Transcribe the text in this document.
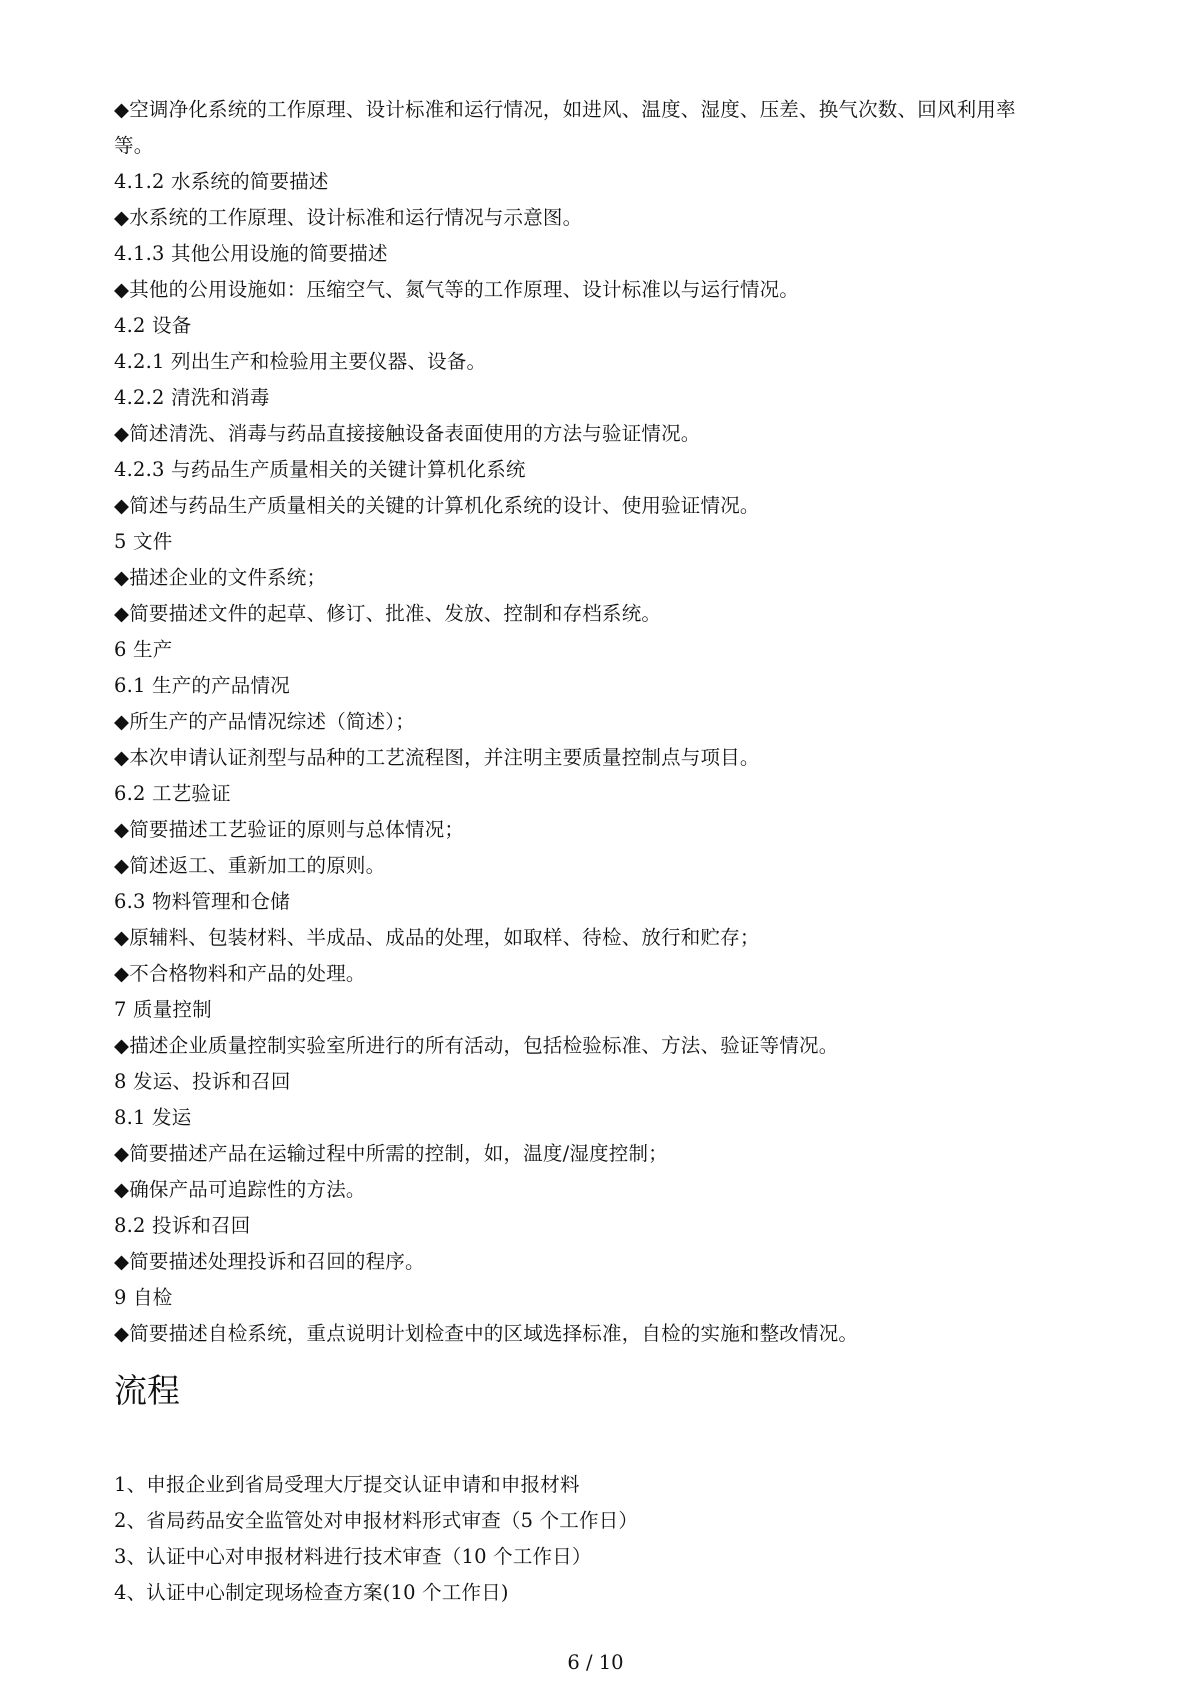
◆空调净化系统的工作原理、设计标准和运行情况，如进风、温度、湿度、压差、换气次数、回风利用率
等。
4.1.2 水系统的简要描述
◆水系统的工作原理、设计标准和运行情况与示意图。
4.1.3 其他公用设施的简要描述
◆其他的公用设施如：压缩空气、氮气等的工作原理、设计标准以与运行情况。
4.2 设备
4.2.1 列出生产和检验用主要仪器、设备。
4.2.2 清洗和消毒
◆简述清洗、消毒与药品直接接触设备表面使用的方法与验证情况。
4.2.3 与药品生产质量相关的关键计算机化系统
◆简述与药品生产质量相关的关键的计算机化系统的设计、使用验证情况。
5 文件
◆描述企业的文件系统；
◆简要描述文件的起草、修订、批准、发放、控制和存档系统。
6 生产
6.1 生产的产品情况
◆所生产的产品情况综述（简述）；
◆本次申请认证剂型与品种的工艺流程图，并注明主要质量控制点与项目。
6.2 工艺验证
◆简要描述工艺验证的原则与总体情况；
◆简述返工、重新加工的原则。
6.3 物料管理和仓储
◆原辅料、包装材料、半成品、成品的处理，如取样、待检、放行和贮存；
◆不合格物料和产品的处理。
7 质量控制
◆描述企业质量控制实验室所进行的所有活动，包括检验标准、方法、验证等情况。
8 发运、投诉和召回
8.1 发运
◆简要描述产品在运输过程中所需的控制，如，温度/湿度控制；
◆确保产品可追踪性的方法。
8.2 投诉和召回
◆简要描述处理投诉和召回的程序。
9 自检
◆简要描述自检系统，重点说明计划检查中的区域选择标准，自检的实施和整改情况。
流程
1、申报企业到省局受理大厅提交认证申请和申报材料
2、省局药品安全监管处对申报材料形式审查（5 个工作日）
3、认证中心对申报材料进行技术审查（10 个工作日）
4、认证中心制定现场检查方案(10 个工作日)
6 / 10
